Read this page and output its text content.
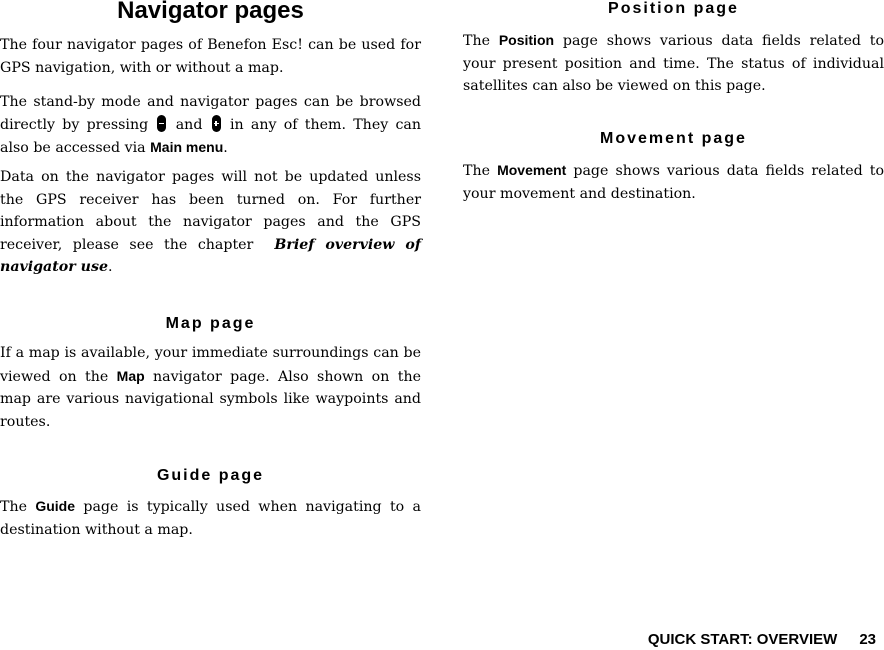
Navigator pages

The four navigator pages of Benefon Esc! can be used for GPS navigation, with or without a map.

The stand-by mode and navigator pages can be browsed directly by pressing and in any of them. They can also be accessed via Main menu.

Data on the navigator pages will not be updated unless the GPS receiver has been turned on. For further information about the navigator pages and the GPS receiver, please see the chapter Brief overview of navigator use.

Map page

If a map is available, your immediate surroundings can be viewed on the Map navigator page. Also shown on the map are various navigational symbols like waypoints and routes.

Guide page

The Guide page is typically used when navigating to a destination without a map.

Position page

The Position page shows various data fields related to your present position and time. The status of individual satellites can also be viewed on this page.

Movement page

The Movement page shows various data fields related to your movement and destination.

QUICK START: OVERVIEW 23
